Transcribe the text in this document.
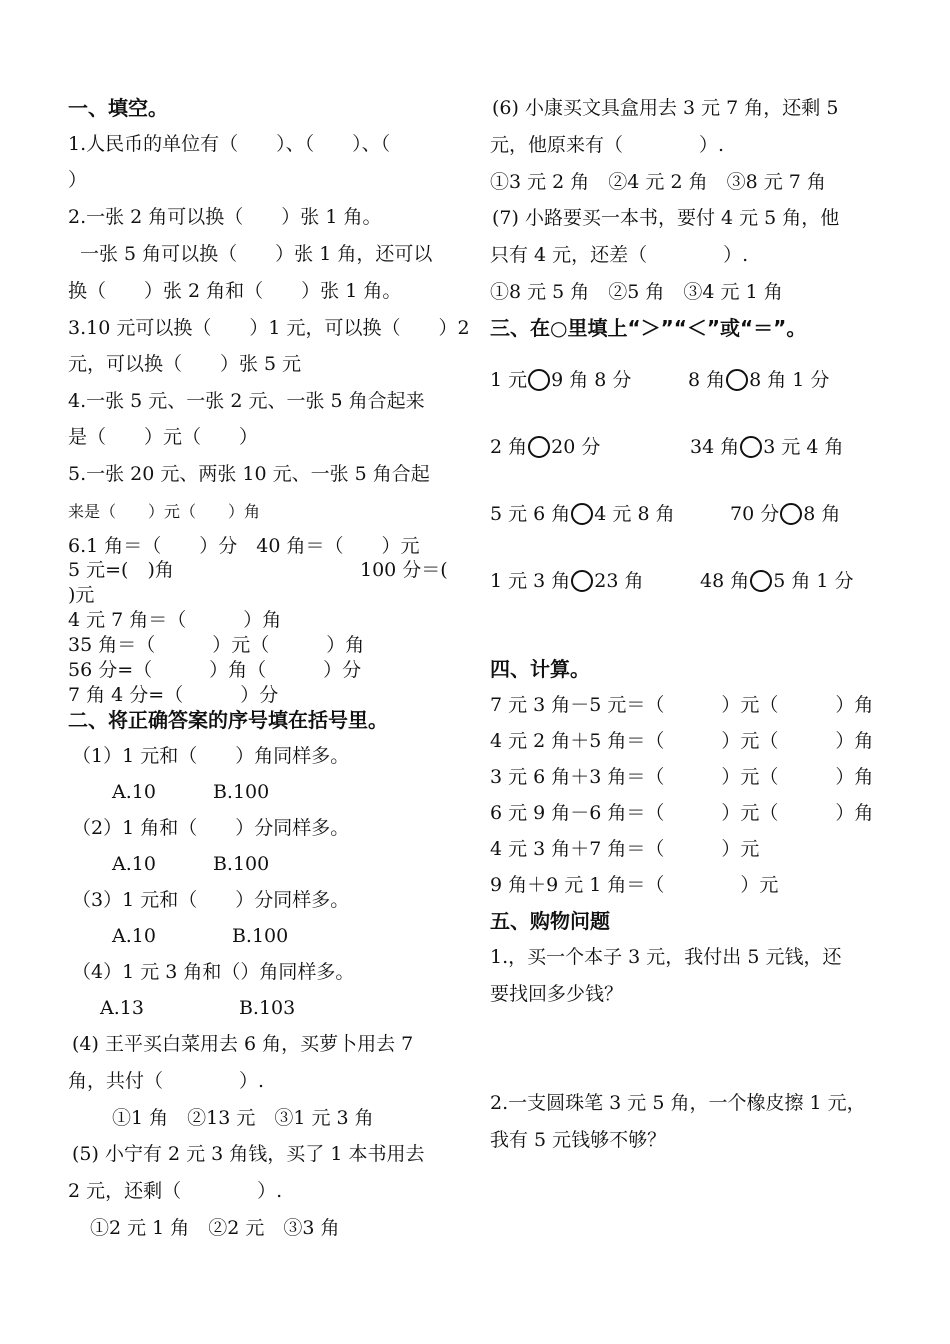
一、填空。
1.人民币的单位有（　　）、（　　）、（
）
2.一张 2 角可以换（　　）张 1 角。
一张 5 角可以换（　　）张 1 角，还可以
换（　　）张 2 角和（　　）张 1 角。
3.10 元可以换（　　）1 元，可以换（　　）2
元，可以换（　　）张 5 元
4.一张 5 元、一张 2 元、一张 5 角合起来
是（　　）元（　　）
5.一张 20 元、两张 10 元、一张 5 角合起
来是（　　）元（　　）角
6.1 角＝（　　）分　40 角＝（　　）元
5 元=(　)角	100 分＝(
)元
4 元 7 角＝（　　　）角
35 角＝（　　　）元（　　　）角
56 分=（　　　）角（　　　）分
7 角 4 分=（　　　）分
二、将正确答案的序号填在括号里。
（1）1 元和（　　）角同样多。
A.10　　　B.100
（2）1 角和（　　）分同样多。
A.10　　　B.100
（3）1 元和（　　）分同样多。
A.10　　　　B.100
（4）1 元 3 角和（）角同样多。
A.13　　　　　B.103
(4) 王平买白菜用去 6 角，买萝卜用去 7
角，共付（　　　　）.
①1 角　②13 元　③1 元 3 角
(5) 小宁有 2 元 3 角钱，买了 1 本书用去
2 元，还剩（　　　　）.
①2 元 1 角　②2 元　③3 角
(6) 小康买文具盒用去 3 元 7 角，还剩 5
元，他原来有（　　　　）.
①3 元 2 角　②4 元 2 角　③8 元 7 角
(7) 小路要买一本书，要付 4 元 5 角，他
只有 4 元，还差（　　　　）.
①8 元 5 角　②5 角　③4 元 1 角
三、在○里填上“＞”“＜”或“＝”。
1 元 9 角 8 分	8 角 8 角 1 分
2 角 20 分	34 角 3 元 4 角
5 元 6 角 4 元 8 角	70 分 8 角
1 元 3 角 23 角	48 角 5 角 1 分
四、计算。
7 元 3 角－5 元＝（　　　）元（　　　）角
4 元 2 角＋5 角＝（　　　）元（　　　）角
3 元 6 角＋3 角＝（　　　）元（　　　）角
6 元 9 角－6 角＝（　　　）元（　　　）角
4 元 3 角＋7 角＝（　　　）元
9 角＋9 元 1 角＝（　　　　）元
五、购物问题
1.，买一个本子 3 元，我付出 5 元钱，还
要找回多少钱？
2.一支圆珠笔 3 元 5 角，一个橡皮擦 1 元，
我有 5 元钱够不够？
